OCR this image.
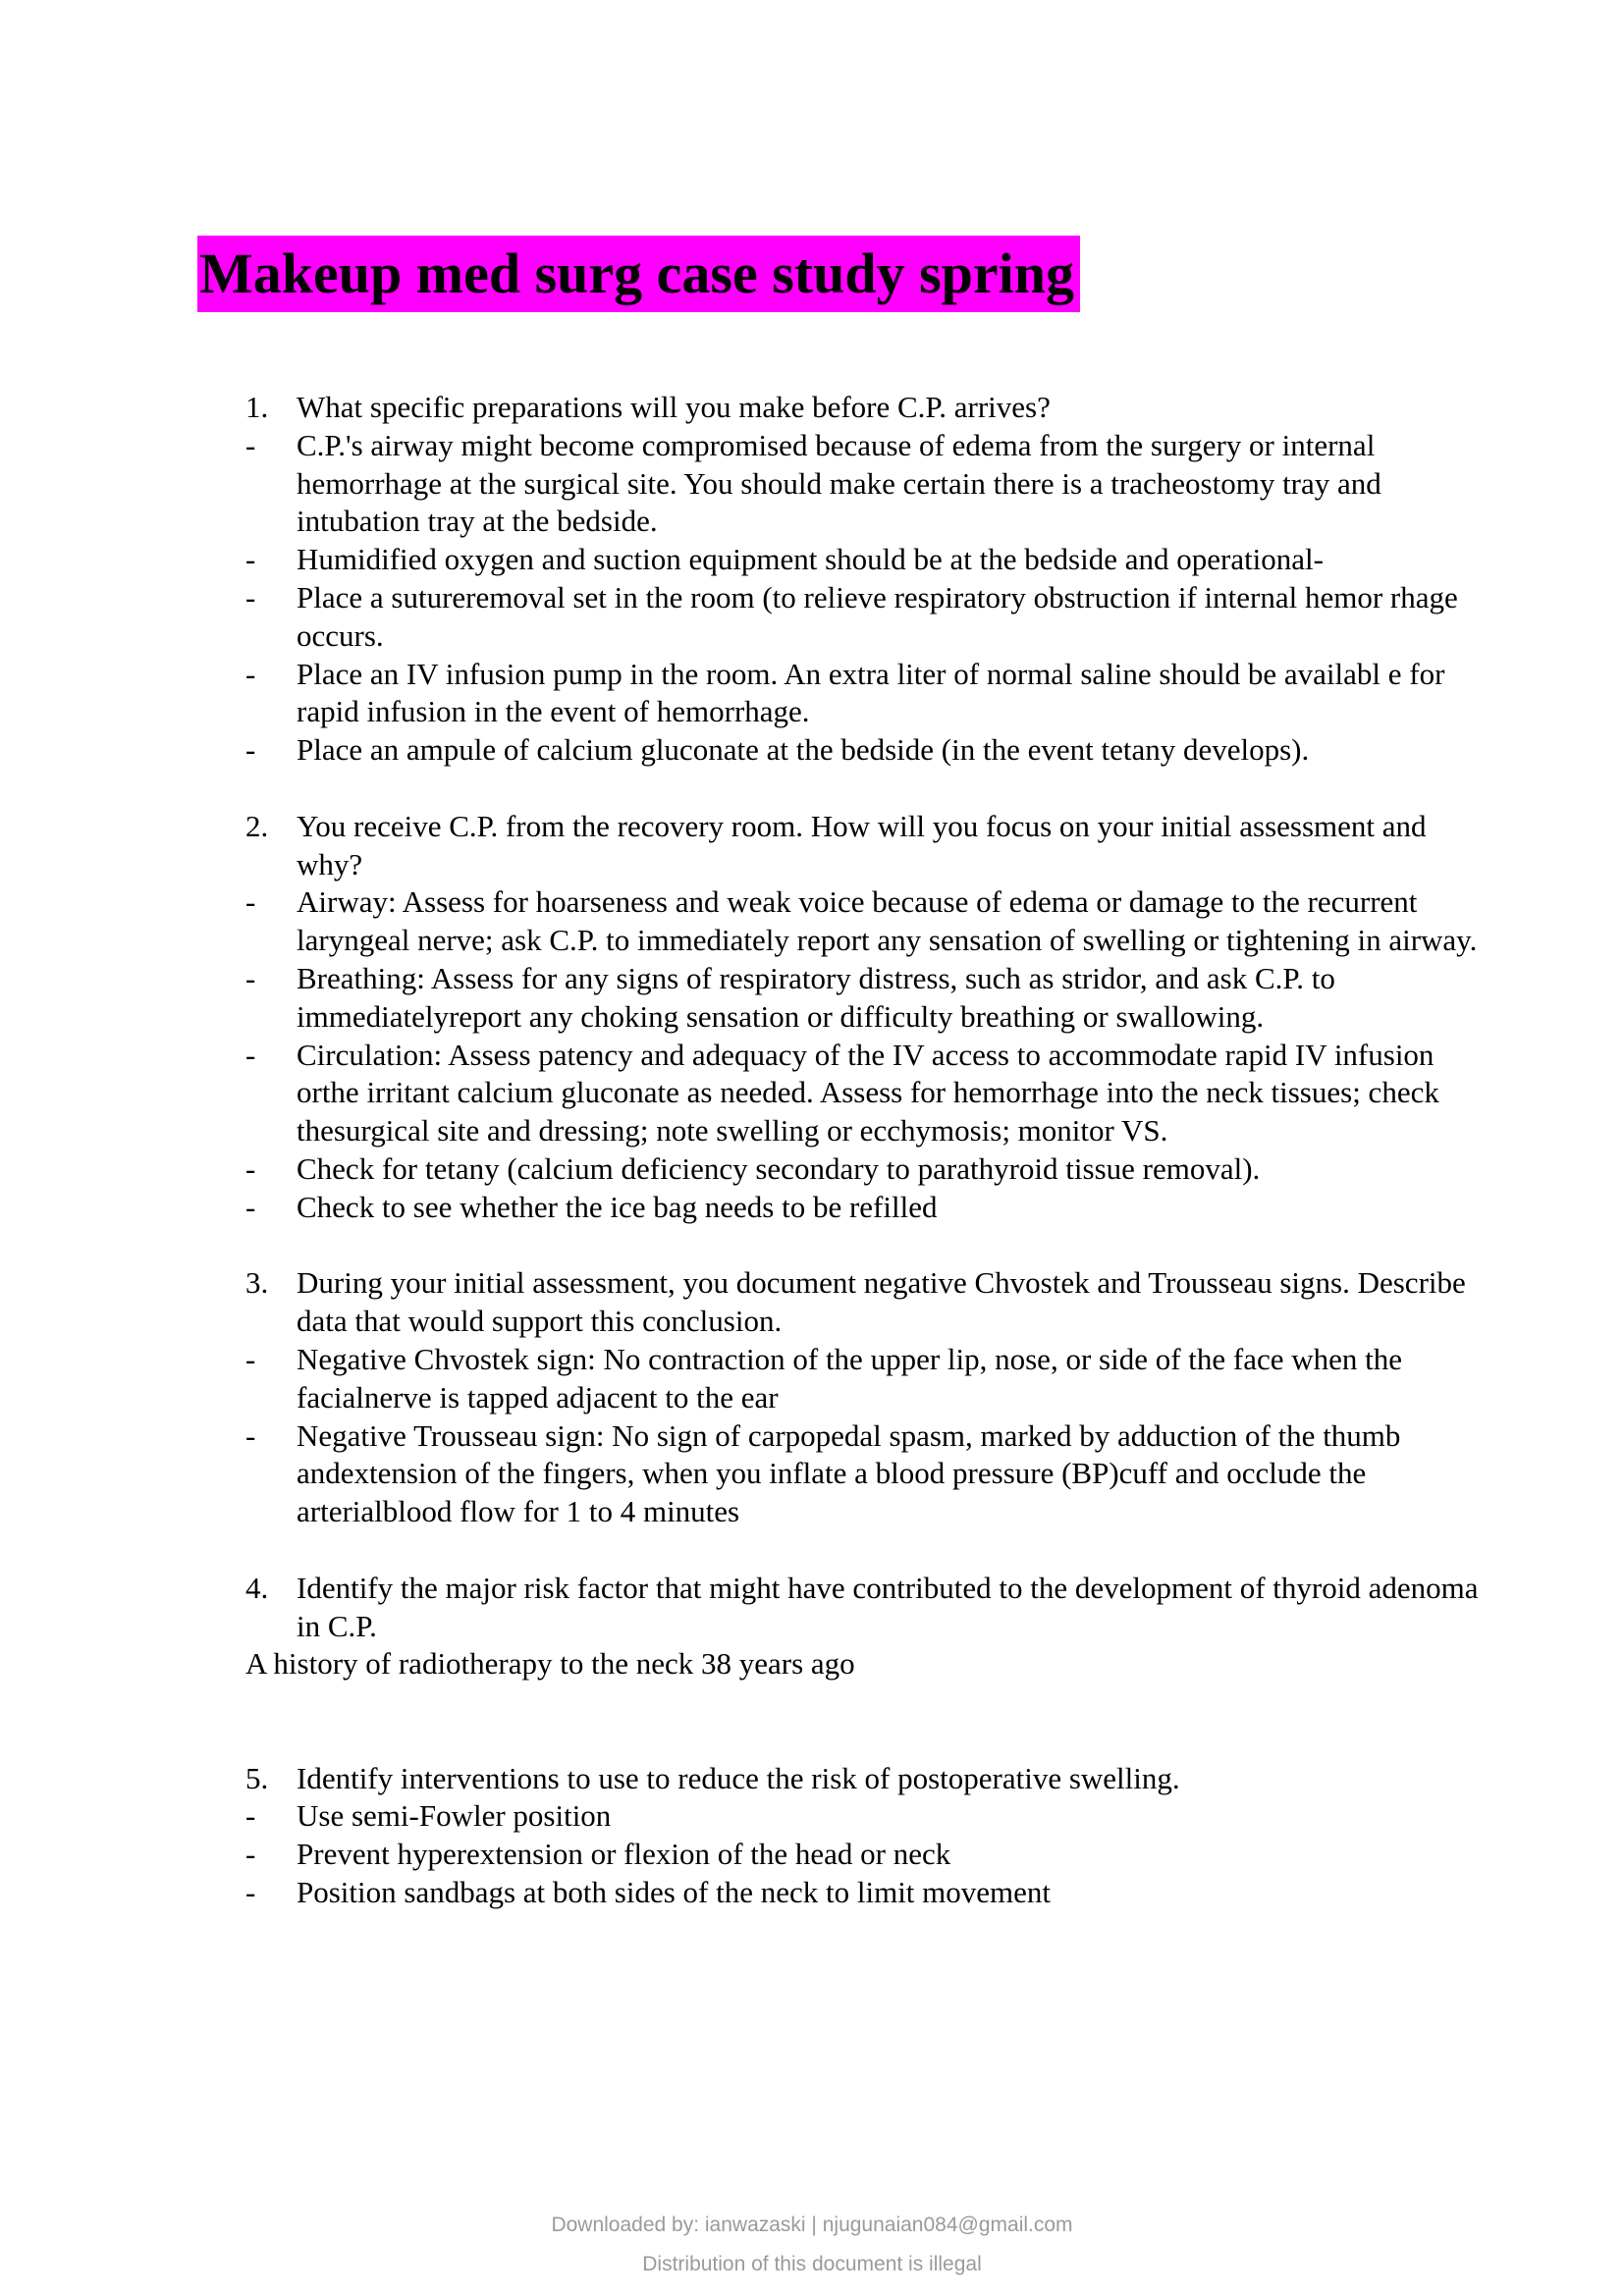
Makeup med surg case study spring
1. What specific preparations will you make before C.P. arrives?
-	C.P.'s airway might become compromised because of edema from the surgery or internal hemorrhage at the surgical site. You should make certain there is a tracheostomy tray and intubation tray at the bedside.
-	Humidified oxygen and suction equipment should be at the bedside and operational-
-	Place a sutureremoval set in the room (to relieve respiratory obstruction if internal hemor rhage occurs.
-	Place an IV infusion pump in the room. An extra liter of normal saline should be availabl e for rapid infusion in the event of hemorrhage.
-	Place an ampule of calcium gluconate at the bedside (in the event tetany develops).
2. You receive C.P. from the recovery room. How will you focus on your initial assessment and why?
-	Airway: Assess for hoarseness and weak voice because of edema or damage to the recurrent laryngeal nerve; ask C.P. to immediately report any sensation of swelling or tightening in airway.
-	Breathing: Assess for any signs of respiratory distress, such as stridor, and ask C.P. to immediatelyreport any choking sensation or difficulty breathing or swallowing.
-	Circulation: Assess patency and adequacy of the IV access to accommodate rapid IV infusion orthe irritant calcium gluconate as needed. Assess for hemorrhage into the neck tissues; check thesurgical site and dressing; note swelling or ecchymosis; monitor VS.
-	Check for tetany (calcium deficiency secondary to parathyroid tissue removal).
-	Check to see whether the ice bag needs to be refilled
3. During your initial assessment, you document negative Chvostek and Trousseau signs. Describe data that would support this conclusion.
-	Negative Chvostek sign: No contraction of the upper lip, nose, or side of the face when the facialnerve is tapped adjacent to the ear
-	Negative Trousseau sign: No sign of carpopedal spasm, marked by adduction of the thumb andextension of the fingers, when you inflate a blood pressure (BP)cuff and occlude the arterialblood flow for 1 to 4 minutes
4. Identify the major risk factor that might have contributed to the development of thyroid adenoma in C.P.
A history of radiotherapy to the neck 38 years ago
5. Identify interventions to use to reduce the risk of postoperative swelling.
-	Use semi-Fowler position
-	Prevent hyperextension or flexion of the head or neck
-	Position sandbags at both sides of the neck to limit movement
Downloaded by: ianwazaski | njugunaian084@gmail.com
Distribution of this document is illegal
